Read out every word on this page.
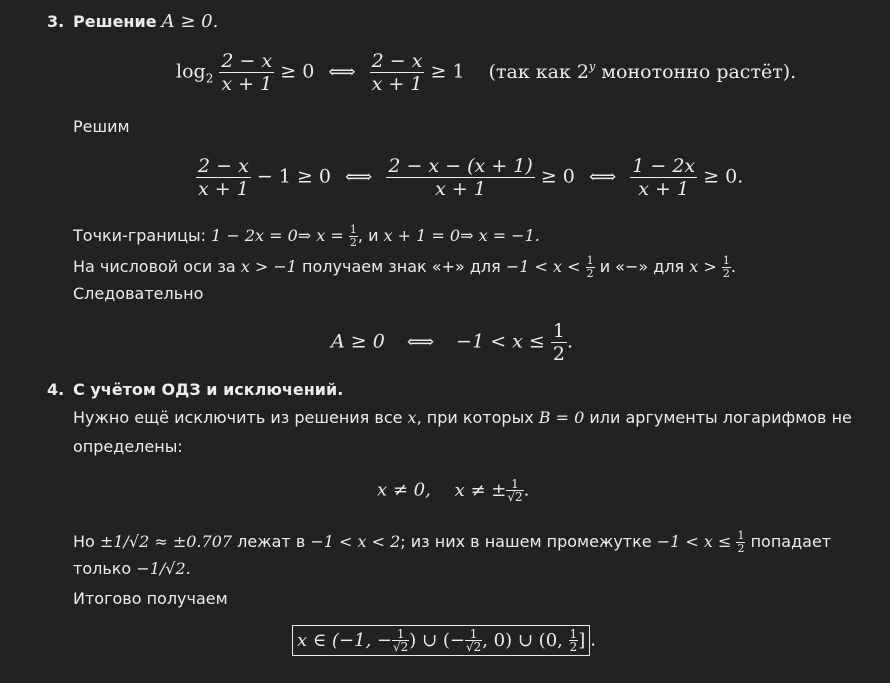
3. Решение A ≥ 0.
$\log_2 \frac{2 - x}{x + 1} \ge 0$ ⟺ $\frac{2 - x}{x + 1} \ge 1$ (так как 2$^y$ монотонно растёт).
Решим
$\frac{2 - x}{x + 1} - 1 \ge 0$ ⟺ $\frac{2 - x - (x + 1)}{x + 1} \ge 0$ ⟺ $\frac{1 - 2x}{x + 1} \ge 0$.
Точки-границы: 1 − 2x = 0⇒ $x = \frac{1}{2}$ , и x + 1 = 0⇒ x = −1.
На числовой оси за x > −1 получаем знак «+» для $-1 < x < \frac{1}{2}$ и «−» для $x > \frac{1}{2}$ .
Следовательно
A ≥ 0 ⟺ $-1 < x \le \frac{1}{2}$ .
4. С учётом ОДЗ и исключений.
Нужно ещё исключить из решения все x, при которых B = 0 или аргументы логарифмов не
определены:
x ≠ 0, x ≠ ± $\frac{1}{√2}$ .
Но ±1/√2 ≈ ±0.707 лежат в −1 < x < 2; из них в нашем промежутке $-1 < x \le \frac{1}{2}$ попадает
только −1/√2.
Итогово получаем
x ∈ (−1, − $\frac{1}{√2}$ ) ∪ (− $\frac{1}{√2}$ , 0) ∪ (0, $\frac{1}{2}$ ] .
